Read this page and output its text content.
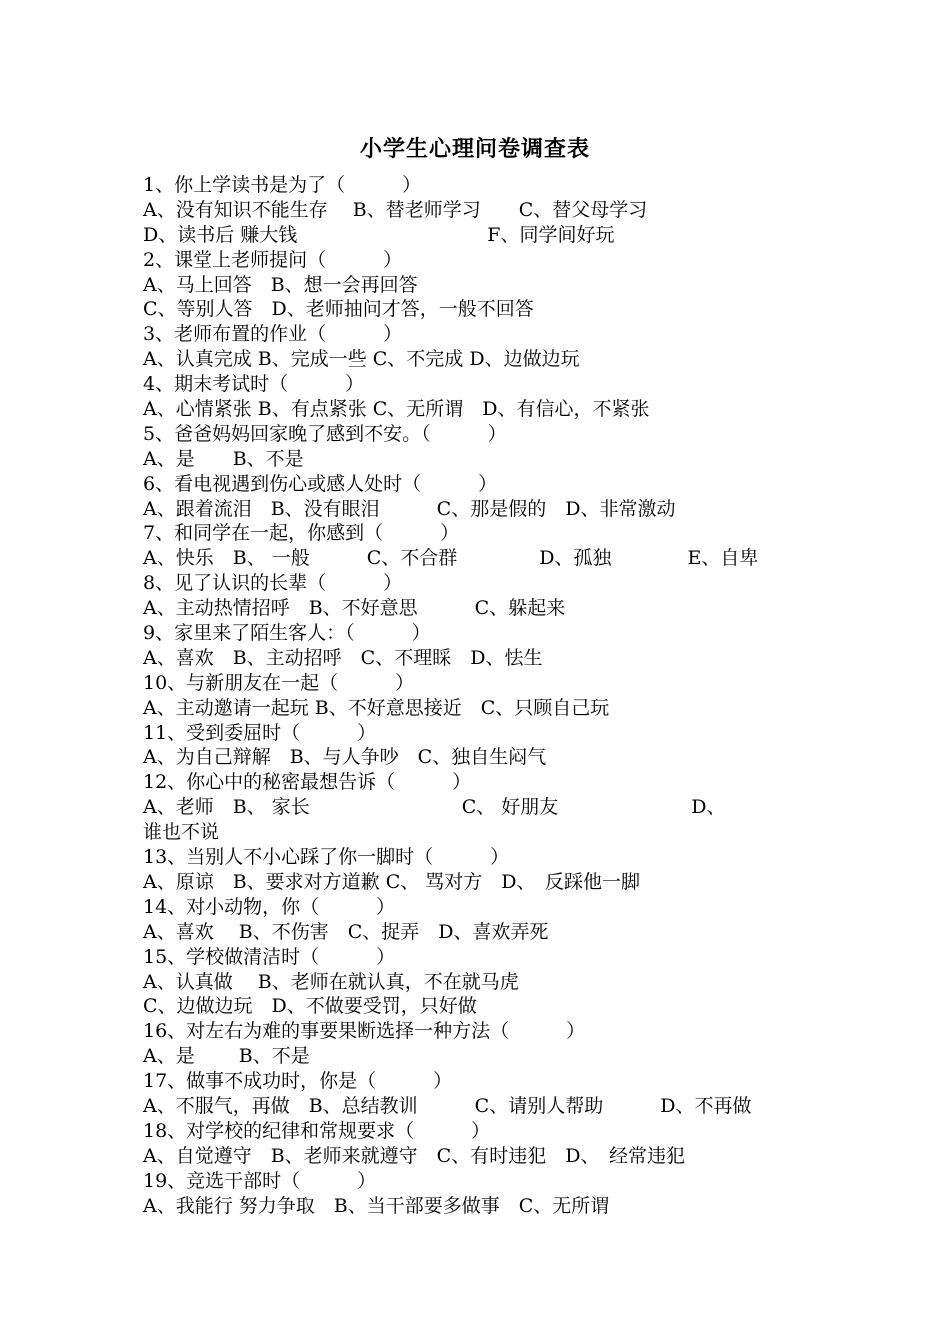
小学生心理问卷调查表
1、你上学读书是为了（　　　）
A、没有知识不能生存　 B、替老师学习　　C、替父母学习
D、读书后 赚大钱　　　　　　　　　　F、同学间好玩
2、课堂上老师提问（　　　）
A、马上回答　B、想一会再回答
C、等别人答　D、老师抽问才答，一般不回答
3、老师布置的作业（　　　）
A、认真完成 B、完成一些 C、不完成 D、边做边玩
4、期末考试时（　　　）
A、心情紧张 B、有点紧张 C、无所谓　D、有信心，不紧张
5、爸爸妈妈回家晚了感到不安。（　　　）
A、是　　B、不是
6、看电视遇到伤心或感人处时（　　　）
A、跟着流泪　B、没有眼泪　　　C、那是假的　D、非常激动
7、和同学在一起，你感到（　　　）
A、快乐　B、 一般　　　C、不合群　　　　 D、孤独　　　　E、自卑
8、见了认识的长辈（　　　）
A、主动热情招呼　B、不好意思　　　C、躲起来
9、家里来了陌生客人：（　　　）
A、喜欢　B、主动招呼　C、不理睬　D、怯生
10、与新朋友在一起（　　　）
A、主动邀请一起玩 B、不好意思接近　C、只顾自己玩
11、受到委屈时（　　　）
A、为自己辩解　B、与人争吵　C、独自生闷气
12、你心中的秘密最想告诉（　　　）
A、老师　B、 家长　　　　　　　　C、 好朋友　　　　　　　D、
谁也不说
13、当别人不小心踩了你一脚时（　　　）
A、原谅　B、要求对方道歉 C、 骂对方　D、　反踩他一脚
14、对小动物，你（　　　）
A、喜欢　 B、不伤害　C、捉弄　D、喜欢弄死
15、学校做清洁时（　　　）
A、认真做　 B、老师在就认真，不在就马虎
C、边做边玩　D、不做要受罚，只好做
16、对左右为难的事要果断选择一种方法（　　　）
A、是　　 B、不是
17、做事不成功时，你是（　　　）
A、不服气，再做　B、总结教训　　　C、请别人帮助　　　D、不再做
18、对学校的纪律和常规要求（　　　）
A、自觉遵守　B、老师来就遵守　C、有时违犯　D、　经常违犯
19、竞选干部时（　　　）
A、我能行 努力争取　B、当干部要多做事　C、无所谓
